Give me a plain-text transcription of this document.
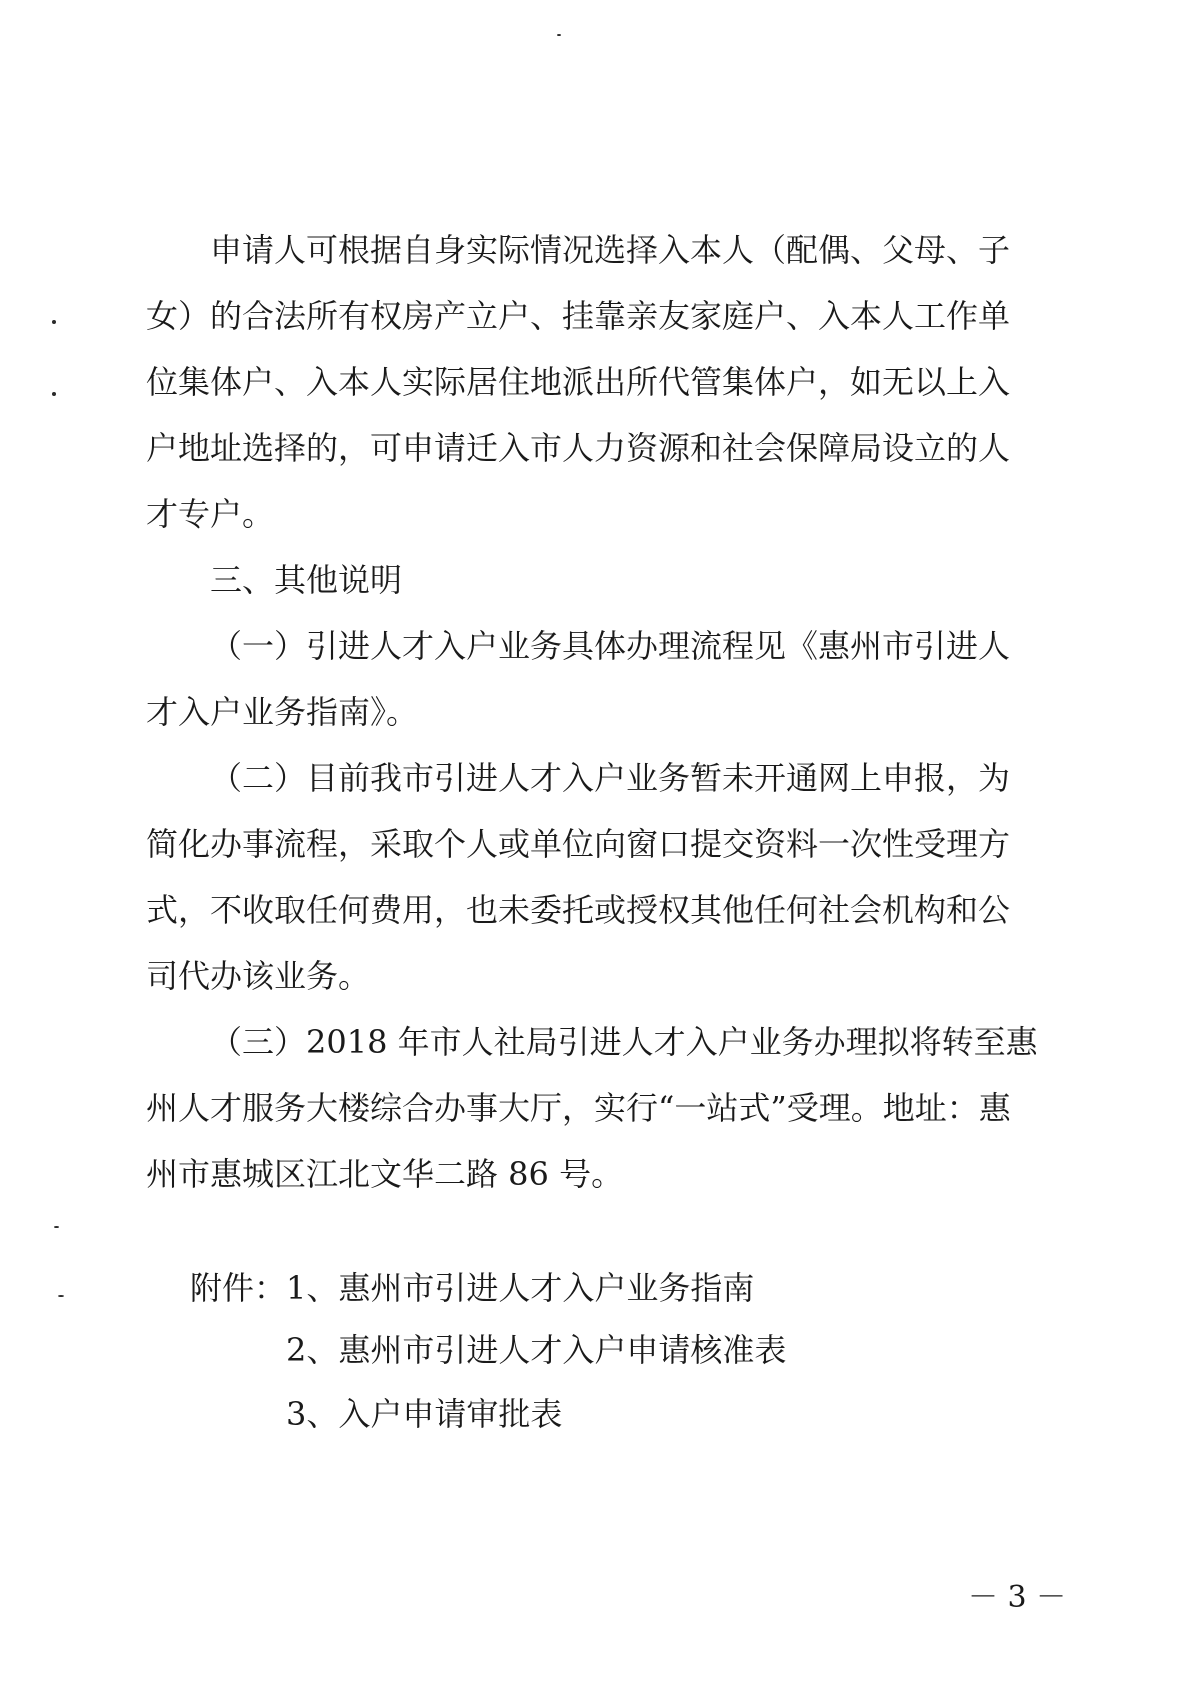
申请人可根据自身实际情况选择入本人（配偶、父母、子
女）的合法所有权房产立户、挂靠亲友家庭户、入本人工作单
位集体户、入本人实际居住地派出所代管集体户，如无以上入
户地址选择的，可申请迁入市人力资源和社会保障局设立的人
才专户。
三、其他说明
（一）引进人才入户业务具体办理流程见《惠州市引进人
才入户业务指南》。
（二）目前我市引进人才入户业务暂未开通网上申报，为
简化办事流程，采取个人或单位向窗口提交资料一次性受理方
式，不收取任何费用，也未委托或授权其他任何社会机构和公
司代办该业务。
（三）2018 年市人社局引进人才入户业务办理拟将转至惠
州人才服务大楼综合办事大厅，实行“一站式”受理。地址：惠
州市惠城区江北文华二路 86 号。
附件： 1、惠州市引进人才入户业务指南
2、惠州市引进人才入户申请核准表
3、入户申请审批表
－ 3 －
